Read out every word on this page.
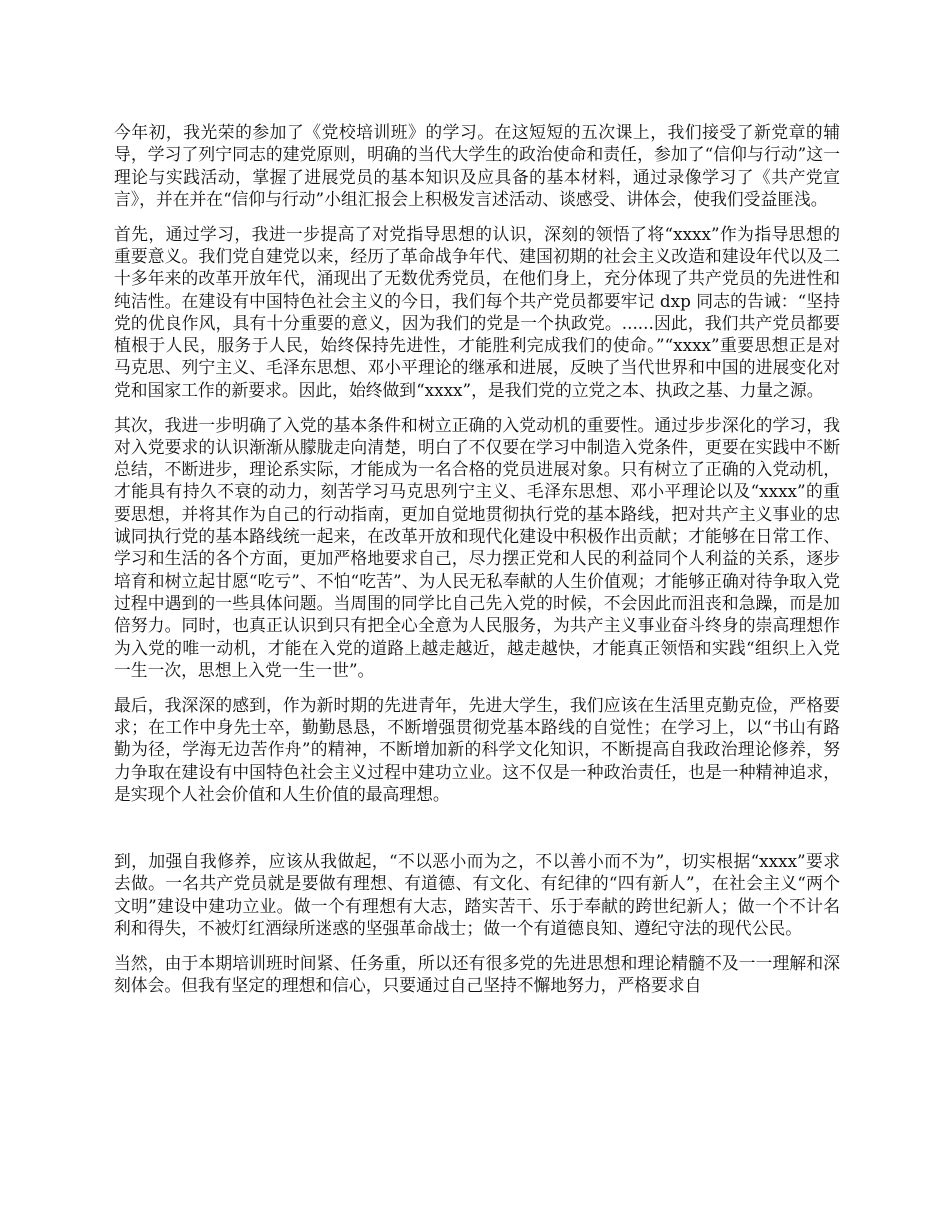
今年初，我光荣的参加了《党校培训班》的学习。在这短短的五次课上，我们接受了新党章的辅导，学习了列宁同志的建党原则，明确的当代大学生的政治使命和责任，参加了“信仰与行动”这一理论与实践活动，掌握了进展党员的基本知识及应具备的基本材料，通过录像学习了《共产党宣言》，并在并在“信仰与行动”小组汇报会上积极发言述活动、谈感受、讲体会，使我们受益匪浅。

首先，通过学习，我进一步提高了对党指导思想的认识，深刻的领悟了将“xxxx”作为指导思想的重要意义。我们党自建党以来，经历了革命战争年代、建国初期的社会主义改造和建设年代以及二十多年来的改革开放年代，涌现出了无数优秀党员，在他们身上，充分体现了共产党员的先进性和纯洁性。在建设有中国特色社会主义的今日，我们每个共产党员都要牢记 dxp 同志的告诫：“坚持党的优良作风，具有十分重要的意义，因为我们的党是一个执政党。......因此，我们共产党员都要植根于人民，服务于人民，始终保持先进性，才能胜利完成我们的使命。”“xxxx”重要思想正是对马克思、列宁主义、毛泽东思想、邓小平理论的继承和进展，反映了当代世界和中国的进展变化对党和国家工作的新要求。因此，始终做到“xxxx”，是我们党的立党之本、执政之基、力量之源。

其次，我进一步明确了入党的基本条件和树立正确的入党动机的重要性。通过步步深化的学习，我对入党要求的认识渐渐从朦胧走向清楚，明白了不仅要在学习中制造入党条件，更要在实践中不断总结，不断进步，理论系实际，才能成为一名合格的党员进展对象。只有树立了正确的入党动机，才能具有持久不衰的动力，刻苦学习马克思列宁主义、毛泽东思想、邓小平理论以及“xxxx”的重要思想，并将其作为自己的行动指南，更加自觉地贯彻执行党的基本路线，把对共产主义事业的忠诚同执行党的基本路线统一起来，在改革开放和现代化建设中积极作出贡献；才能够在日常工作、学习和生活的各个方面，更加严格地要求自己，尽力摆正党和人民的利益同个人利益的关系，逐步培育和树立起甘愿“吃亏”、不怕“吃苦”、为人民无私奉献的人生价值观；才能够正确对待争取入党过程中遇到的一些具体问题。当周围的同学比自己先入党的时候，不会因此而沮丧和急躁，而是加倍努力。同时，也真正认识到只有把全心全意为人民服务，为共产主义事业奋斗终身的崇高理想作为入党的唯一动机，才能在入党的道路上越走越近，越走越快，才能真正领悟和实践“组织上入党一生一次，思想上入党一生一世”。

最后，我深深的感到，作为新时期的先进青年，先进大学生，我们应该在生活里克勤克俭，严格要求；在工作中身先士卒，勤勤恳恳，不断增强贯彻党基本路线的自觉性；在学习上，以“书山有路勤为径，学海无边苦作舟”的精神，不断增加新的科学文化知识，不断提高自我政治理论修养，努力争取在建设有中国特色社会主义过程中建功立业。这不仅是一种政治责任，也是一种精神追求，是实现个人社会价值和人生价值的最高理想。

到，加强自我修养，应该从我做起，“不以恶小而为之，不以善小而不为”，切实根据“xxxx”要求去做。一名共产党员就是要做有理想、有道德、有文化、有纪律的“四有新人”，在社会主义“两个文明”建设中建功立业。做一个有理想有大志，踏实苦干、乐于奉献的跨世纪新人；做一个不计名利和得失，不被灯红酒绿所迷惑的坚强革命战士；做一个有道德良知、遵纪守法的现代公民。

当然，由于本期培训班时间紧、任务重，所以还有很多党的先进思想和理论精髓不及一一理解和深刻体会。但我有坚定的理想和信心，只要通过自己坚持不懈地努力，严格要求自
